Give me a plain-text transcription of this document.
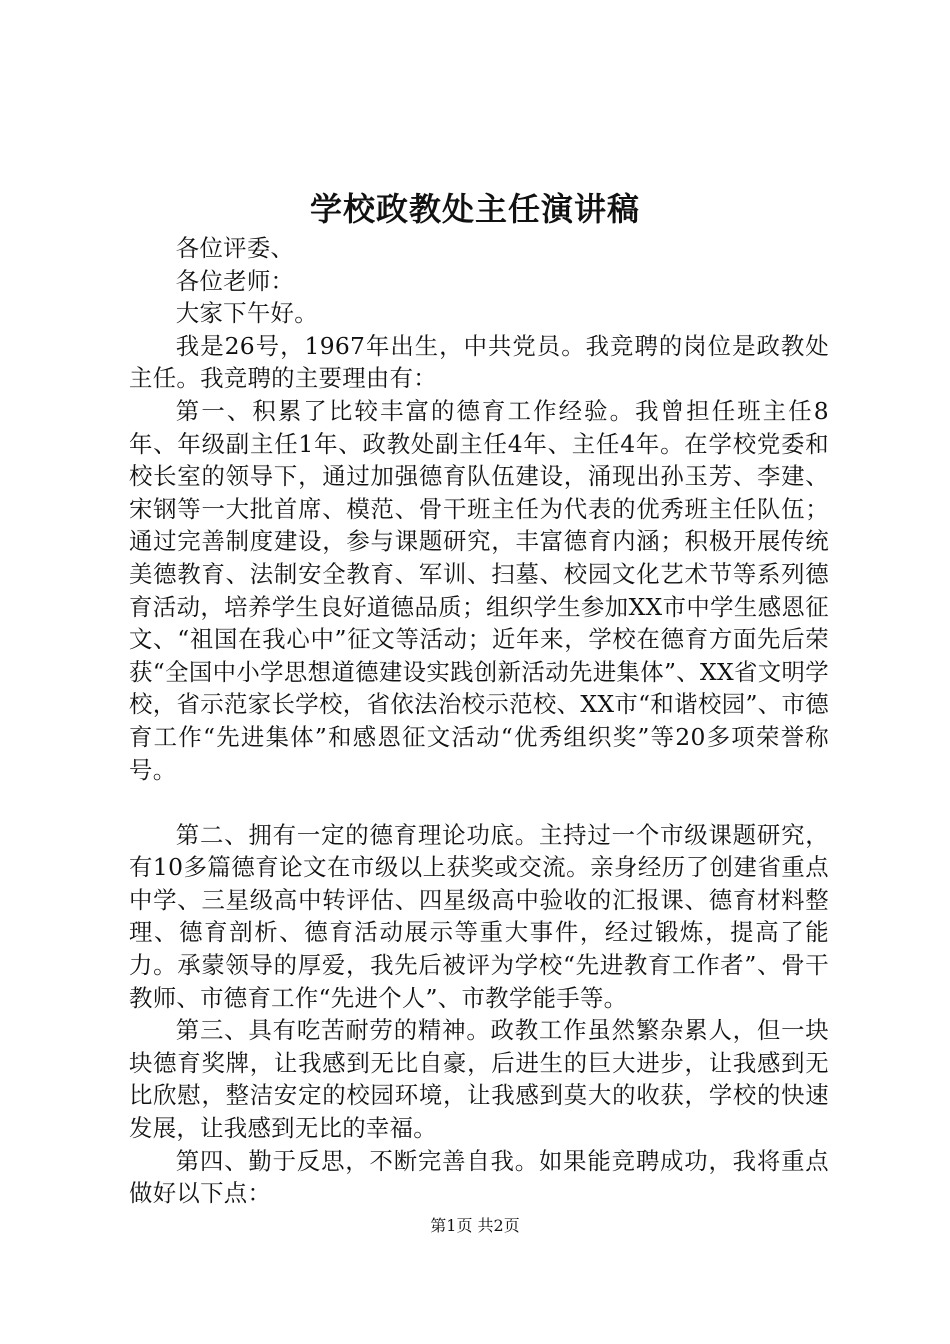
学校政教处主任演讲稿

各位评委、

各位老师：

大家下午好。

我是26号，1967年出生，中共党员。我竞聘的岗位是政教处主任。我竞聘的主要理由有：

第一、积累了比较丰富的德育工作经验。我曾担任班主任8年、年级副主任1年、政教处副主任4年、主任4年。在学校党委和校长室的领导下，通过加强德育队伍建设，涌现出孙玉芳、李建、宋钢等一大批首席、模范、骨干班主任为代表的优秀班主任队伍；通过完善制度建设，参与课题研究，丰富德育内涵；积极开展传统美德教育、法制安全教育、军训、扫墓、校园文化艺术节等系列德育活动，培养学生良好道德品质；组织学生参加XX市中学生感恩征文、“祖国在我心中”征文等活动；近年来，学校在德育方面先后荣获“全国中小学思想道德建设实践创新活动先进集体”、XX省文明学校，省示范家长学校，省依法治校示范校、XX市“和谐校园”、市德育工作“先进集体”和感恩征文活动“优秀组织奖”等20多项荣誉称号。

第二、拥有一定的德育理论功底。主持过一个市级课题研究，有10多篇德育论文在市级以上获奖或交流。亲身经历了创建省重点中学、三星级高中转评估、四星级高中验收的汇报课、德育材料整理、德育剖析、德育活动展示等重大事件，经过锻炼，提高了能力。承蒙领导的厚爱，我先后被评为学校“先进教育工作者”、骨干教师、市德育工作“先进个人”、市教学能手等。

第三、具有吃苦耐劳的精神。政教工作虽然繁杂累人，但一块块德育奖牌，让我感到无比自豪，后进生的巨大进步，让我感到无比欣慰，整洁安定的校园环境，让我感到莫大的收获，学校的快速发展，让我感到无比的幸福。

第四、勤于反思，不断完善自我。如果能竞聘成功，我将重点做好以下点：

第1页 共2页
